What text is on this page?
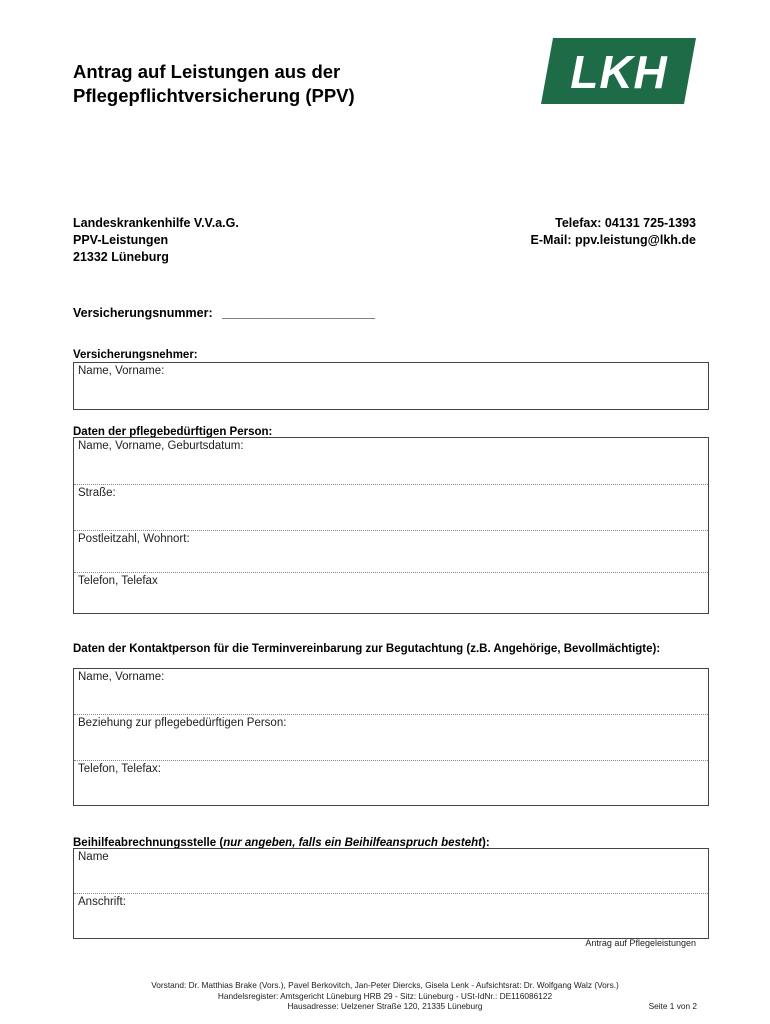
Antrag auf Leistungen aus der
Pflegepflichtversicherung (PPV)	LKH
Landeskrankenhilfe V.V.a.G.
PPV-Leistungen
21332 Lüneburg
Telefax: 04131 725-1393
E-Mail: ppv.leistung@lkh.de
Versicherungsnummer: ______________________
Versicherungsnehmer:
Name, Vorname:
Daten der pflegebedürftigen Person:
Name, Vorname, Geburtsdatum:
Straße:
Postleitzahl, Wohnort:
Telefon, Telefax
Daten der Kontaktperson für die Terminvereinbarung zur Begutachtung (z.B. Angehörige, Bevollmächtigte):
Name, Vorname:
Beziehung zur pflegebedürftigen Person:
Telefon, Telefax:
Beihilfeabrechnungsstelle (nur angeben, falls ein Beihilfeanspruch besteht):
Name
Anschrift:
Antrag auf Pflegeleistungen
Vorstand: Dr. Matthias Brake (Vors.), Pavel Berkovitch, Jan-Peter Diercks, Gisela Lenk - Aufsichtsrat: Dr. Wolfgang Walz (Vors.)
Handelsregister: Amtsgericht Lüneburg HRB 29 - Sitz: Lüneburg - USt-IdNr.: DE116086122
Hausadresse: Uelzener Straße 120, 21335 Lüneburg	Seite 1 von 2
